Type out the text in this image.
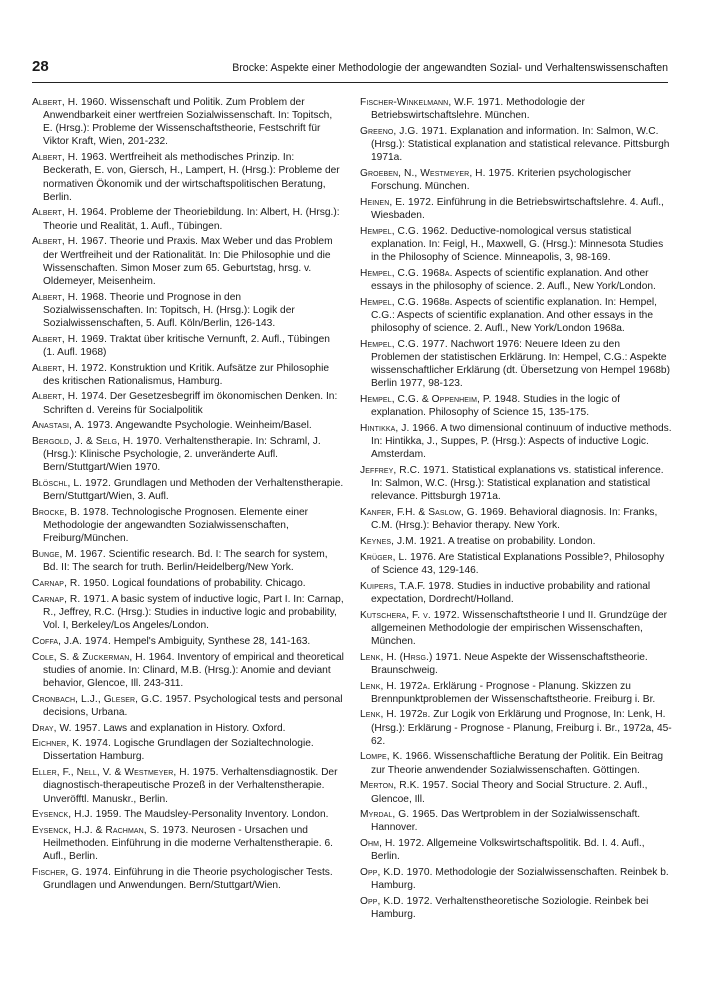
28	Brocke: Aspekte einer Methodologie der angewandten Sozial- und Verhaltenswissenschaften

Albert, H. 1960. Wissenschaft und Politik. Zum Problem der Anwendbarkeit einer wertfreien Sozialwissenschaft. In: Topitsch, E. (Hrsg.): Probleme der Wissenschaftstheorie, Festschrift für Viktor Kraft, Wien, 201-232.

Albert, H. 1963. Wertfreiheit als methodisches Prinzip. In: Beckerath, E. von, Giersch, H., Lampert, H. (Hrsg.): Probleme der normativen Ökonomik und der wirtschaftspolitischen Beratung, Berlin.

Albert, H. 1964. Probleme der Theoriebildung. In: Albert, H. (Hrsg.): Theorie und Realität, 1. Aufl., Tübingen.

Albert, H. 1967. Theorie und Praxis. Max Weber und das Problem der Wertfreiheit und der Rationalität. In: Die Philosophie und die Wissenschaften. Simon Moser zum 65. Geburtstag, hrsg. v. Oldemeyer, Meisenheim.

Albert, H. 1968. Theorie und Prognose in den Sozialwissenschaften. In: Topitsch, H. (Hrsg.): Logik der Sozialwissenschaften, 5. Aufl. Köln/Berlin, 126-143.

Albert, H. 1969. Traktat über kritische Vernunft, 2. Aufl., Tübingen (1. Aufl. 1968)

Albert, H. 1972. Konstruktion und Kritik. Aufsätze zur Philosophie des kritischen Rationalismus, Hamburg.

Albert, H. 1974. Der Gesetzesbegriff im ökonomischen Denken. In: Schriften d. Vereins für Socialpolitik

Anastasi, A. 1973. Angewandte Psychologie. Weinheim/Basel.

Bergold, J. & Selg, H. 1970. Verhaltenstherapie. In: Schraml, J. (Hrsg.): Klinische Psychologie, 2. unveränderte Aufl. Bern/Stuttgart/Wien 1970.

Blöschl, L. 1972. Grundlagen und Methoden der Verhaltenstherapie. Bern/Stuttgart/Wien, 3. Aufl.

Brocke, B. 1978. Technologische Prognosen. Elemente einer Methodologie der angewandten Sozialwissenschaften, Freiburg/München.

Bunge, M. 1967. Scientific research. Bd. I: The search for system, Bd. II: The search for truth. Berlin/Heidelberg/New York.

Carnap, R. 1950. Logical foundations of probability. Chicago.

Carnap, R. 1971. A basic system of inductive logic, Part I. In: Carnap, R., Jeffrey, R.C. (Hrsg.): Studies in inductive logic and probability, Vol. I, Berkeley/Los Angeles/London.

Coffa, J.A. 1974. Hempel's Ambiguity, Synthese 28, 141-163.

Cole, S. & Zuckerman, H. 1964. Inventory of empirical and theoretical studies of anomie. In: Clinard, M.B. (Hrsg.): Anomie and deviant behavior, Glencoe, Ill. 243-311.

Cronbach, L.J., Gleser, G.C. 1957. Psychological tests and personal decisions, Urbana.

Dray, W. 1957. Laws and explanation in History. Oxford.

Eichner, K. 1974. Logische Grundlagen der Sozialtechnologie. Dissertation Hamburg.

Eller, F., Nell, V. & Westmeyer, H. 1975. Verhaltensdiagnostik. Der diagnostisch-therapeutische Prozeß in der Verhaltenstherapie. Unveröfftl. Manuskr., Berlin.

Eysenck, H.J. 1959. The Maudsley-Personality Inventory. London.

Eysenck, H.J. & Rachman, S. 1973. Neurosen - Ursachen und Heilmethoden. Einführung in die moderne Verhaltenstherapie. 6. Aufl., Berlin.

Fischer, G. 1974. Einführung in die Theorie psychologischer Tests. Grundlagen und Anwendungen. Bern/Stuttgart/Wien.

Fischer-Winkelmann, W.F. 1971. Methodologie der Betriebswirtschaftslehre. München.

Greeno, J.G. 1971. Explanation and information. In: Salmon, W.C. (Hrsg.): Statistical explanation and statistical relevance. Pittsburgh 1971a.

Groeben, N., Westmeyer, H. 1975. Kriterien psychologischer Forschung. München.

Heinen, E. 1972. Einführung in die Betriebswirtschaftslehre. 4. Aufl., Wiesbaden.

Hempel, C.G. 1962. Deductive-nomological versus statistical explanation. In: Feigl, H., Maxwell, G. (Hrsg.): Minnesota Studies in the Philosophy of Science. Minneapolis, 3, 98-169.

Hempel, C.G. 1968a. Aspects of scientific explanation. And other essays in the philosophy of science. 2. Aufl., New York/London.

Hempel, C.G. 1968b. Aspects of scientific explanation. In: Hempel, C.G.: Aspects of scientific explanation. And other essays in the philosophy of science. 2. Aufl., New York/London 1968a.

Hempel, C.G. 1977. Nachwort 1976: Neuere Ideen zu den Problemen der statistischen Erklärung. In: Hempel, C.G.: Aspekte wissenschaftlicher Erklärung (dt. Übersetzung von Hempel 1968b) Berlin 1977, 98-123.

Hempel, C.G. & Oppenheim, P. 1948. Studies in the logic of explanation. Philosophy of Science 15, 135-175.

Hintikka, J. 1966. A two dimensional continuum of inductive methods. In: Hintikka, J., Suppes, P. (Hrsg.): Aspects of inductive Logic. Amsterdam.

Jeffrey, R.C. 1971. Statistical explanations vs. statistical inference. In: Salmon, W.C. (Hrsg.): Statistical explanation and statistical relevance. Pittsburgh 1971a.

Kanfer, F.H. & Saslow, G. 1969. Behavioral diagnosis. In: Franks, C.M. (Hrsg.): Behavior therapy. New York.

Keynes, J.M. 1921. A treatise on probability. London.

Krüger, L. 1976. Are Statistical Explanations Possible?, Philosophy of Science 43, 129-146.

Kuipers, T.A.F. 1978. Studies in inductive probability and rational expectation, Dordrecht/Holland.

Kutschera, F. v. 1972. Wissenschaftstheorie I und II. Grundzüge der allgemeinen Methodologie der empirischen Wissenschaften, München.

Lenk, H. (Hrsg.) 1971. Neue Aspekte der Wissenschaftstheorie. Braunschweig.

Lenk, H. 1972a. Erklärung - Prognose - Planung. Skizzen zu Brennpunktproblemen der Wissenschaftstheorie. Freiburg i. Br.

Lenk, H. 1972b. Zur Logik von Erklärung und Prognose, In: Lenk, H. (Hrsg.): Erklärung - Prognose - Planung, Freiburg i. Br., 1972a, 45-62.

Lompe, K. 1966. Wissenschaftliche Beratung der Politik. Ein Beitrag zur Theorie anwendender Sozialwissenschaften. Göttingen.

Merton, R.K. 1957. Social Theory and Social Structure. 2. Aufl., Glencoe, Ill.

Myrdal, G. 1965. Das Wertproblem in der Sozialwissenschaft. Hannover.

Ohm, H. 1972. Allgemeine Volkswirtschaftspolitik. Bd. I. 4. Aufl., Berlin.

Opp, K.D. 1970. Methodologie der Sozialwissenschaften. Reinbek b. Hamburg.

Opp, K.D. 1972. Verhaltenstheoretische Soziologie. Reinbek bei Hamburg.
